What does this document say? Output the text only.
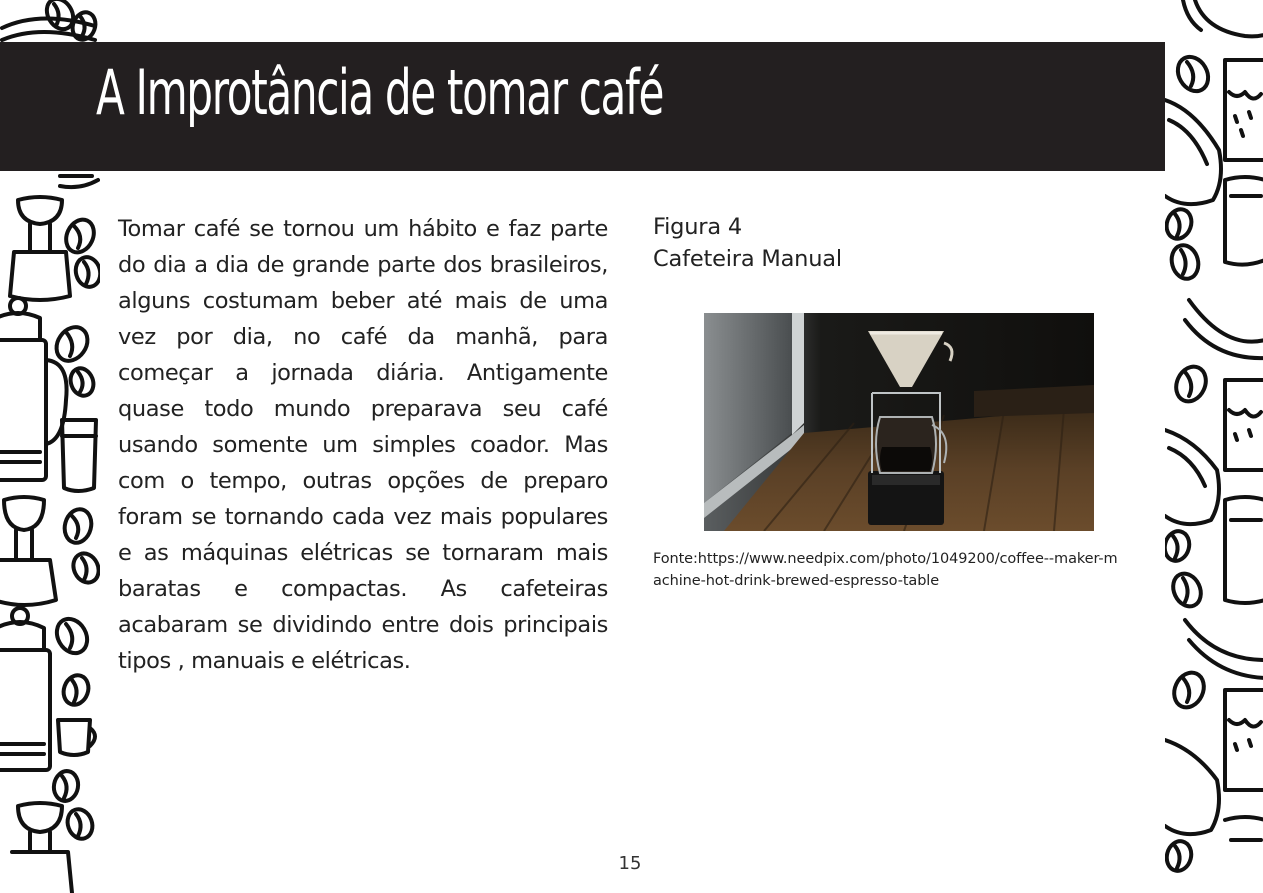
A Improtância de tomar café

Tomar café se tornou um hábito e faz parte do dia a dia de grande parte dos brasileiros, alguns costumam beber até mais de uma vez por dia, no café da manhã, para começar a jornada diária. Antigamente quase todo mundo preparava seu café usando somente um simples coador. Mas com o tempo, outras opções de preparo foram se tornando cada vez mais populares e as máquinas elétricas se tornaram mais baratas e compactas. As cafeteiras acabaram se dividindo entre dois principais tipos , manuais e elétricas.

Figura 4

Cafeteira Manual

Fonte:https://www.needpix.com/photo/1049200/coffee--maker-machine-hot-drink-brewed-espresso-table

15
